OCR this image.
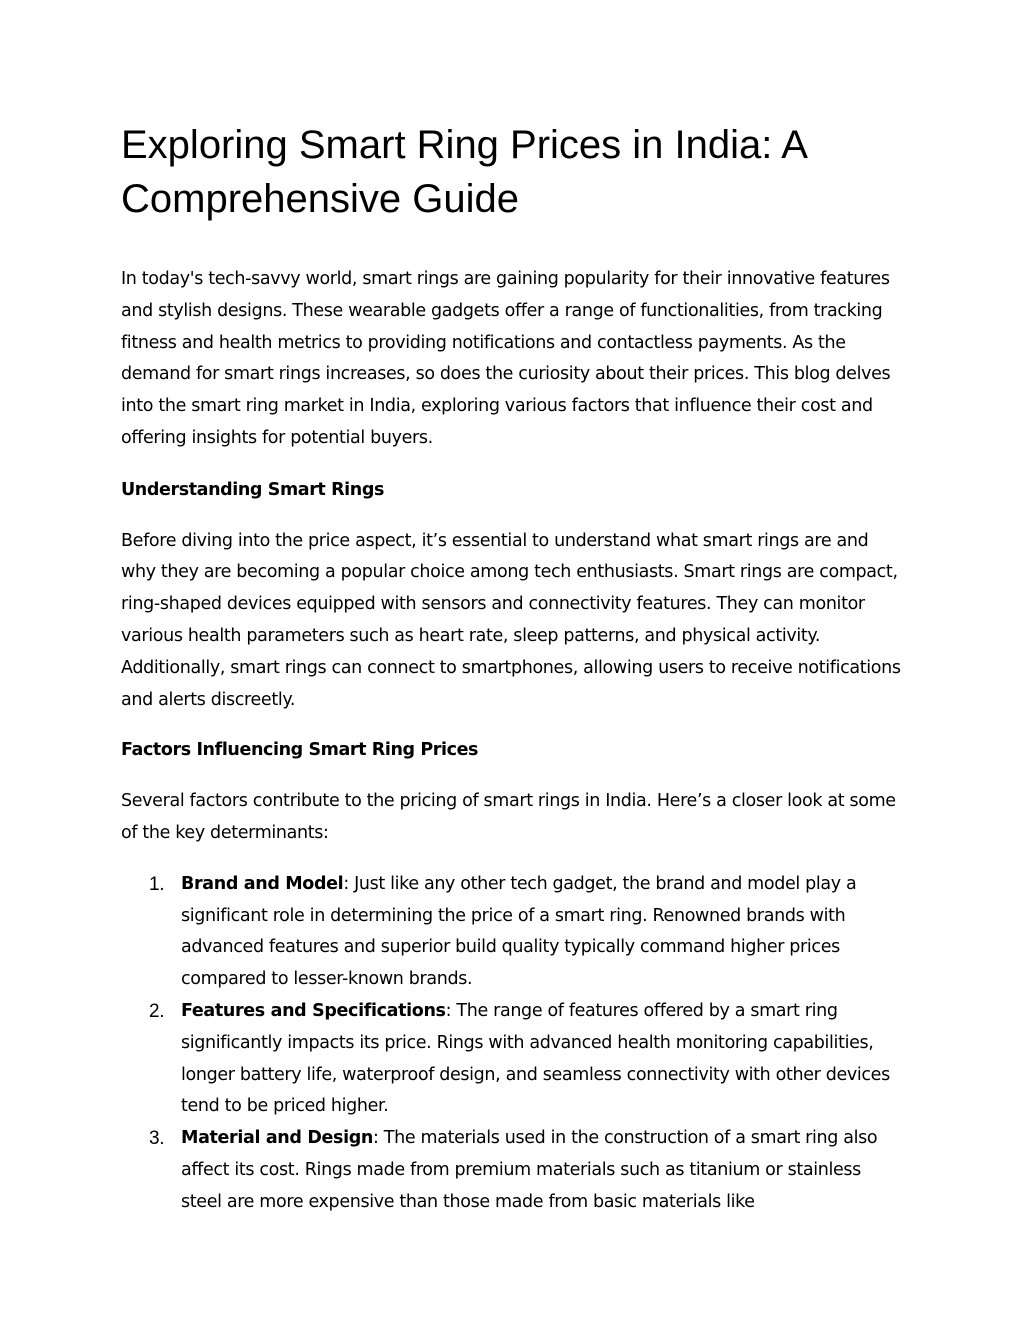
Exploring Smart Ring Prices in India: A Comprehensive Guide

In today's tech-savvy world, smart rings are gaining popularity for their innovative features and stylish designs. These wearable gadgets offer a range of functionalities, from tracking fitness and health metrics to providing notifications and contactless payments. As the demand for smart rings increases, so does the curiosity about their prices. This blog delves into the smart ring market in India, exploring various factors that influence their cost and offering insights for potential buyers.

Understanding Smart Rings

Before diving into the price aspect, it’s essential to understand what smart rings are and why they are becoming a popular choice among tech enthusiasts. Smart rings are compact, ring-shaped devices equipped with sensors and connectivity features. They can monitor various health parameters such as heart rate, sleep patterns, and physical activity. Additionally, smart rings can connect to smartphones, allowing users to receive notifications and alerts discreetly.

Factors Influencing Smart Ring Prices

Several factors contribute to the pricing of smart rings in India. Here’s a closer look at some of the key determinants:

1. Brand and Model: Just like any other tech gadget, the brand and model play a significant role in determining the price of a smart ring. Renowned brands with advanced features and superior build quality typically command higher prices compared to lesser-known brands.
2. Features and Specifications: The range of features offered by a smart ring significantly impacts its price. Rings with advanced health monitoring capabilities, longer battery life, waterproof design, and seamless connectivity with other devices tend to be priced higher.
3. Material and Design: The materials used in the construction of a smart ring also affect its cost. Rings made from premium materials such as titanium or stainless steel are more expensive than those made from basic materials like
